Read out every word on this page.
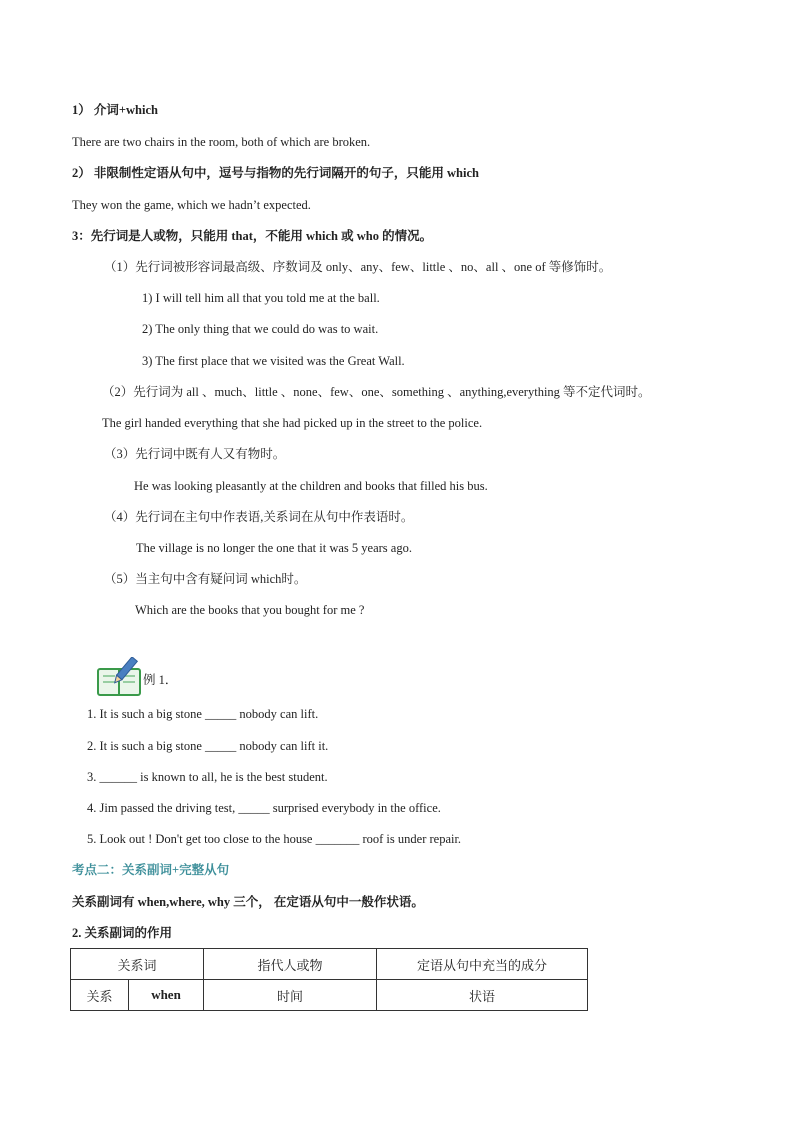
1） 介词+which
There are two chairs in the room, both of which are broken.
2） 非限制性定语从句中，逗号与指物的先行词隔开的句子，只能用 which
They won the game, which we hadn’t expected.
3：先行词是人或物，只能用 that，不能用 which 或 who 的情况。
（1）先行词被形容词最高级、序数词及 only、any、few、little 、no、all 、one of 等修饰时。
1) I will tell him all that you told me at the ball.
2) The only thing that we could do was to wait.
3) The first place that we visited was the Great Wall.
（2）先行词为 all 、much、little 、none、few、one、something 、anything,everything 等不定代词时。
The girl handed everything that she had picked up in the street to the police.
（3）先行词中既有人又有物时。
He was looking pleasantly at the children and books that filled his bus.
（4）先行词在主句中作表语,关系词在从句中作表语时。
The village is no longer the one that it was 5 years ago.
（5）当主句中含有疑问词 which时。
Which are the books that you bought for me ?
例 1．
1. It is such a big stone _____ nobody can lift.
2. It is such a big stone _____ nobody can lift it.
3. ______ is known to all, he is the best student.
4. Jim passed the driving test, _____ surprised everybody in the office.
5. Look out ! Don't get too close to the house _______ roof is under repair.
考点二：关系副词+完整从句
关系副词有 when,where, why 三个， 在定语从句中一般作状语。
2. 关系副词的作用
关系词		指代人或物	定语从句中充当的成分
关系	when	时间	状语
